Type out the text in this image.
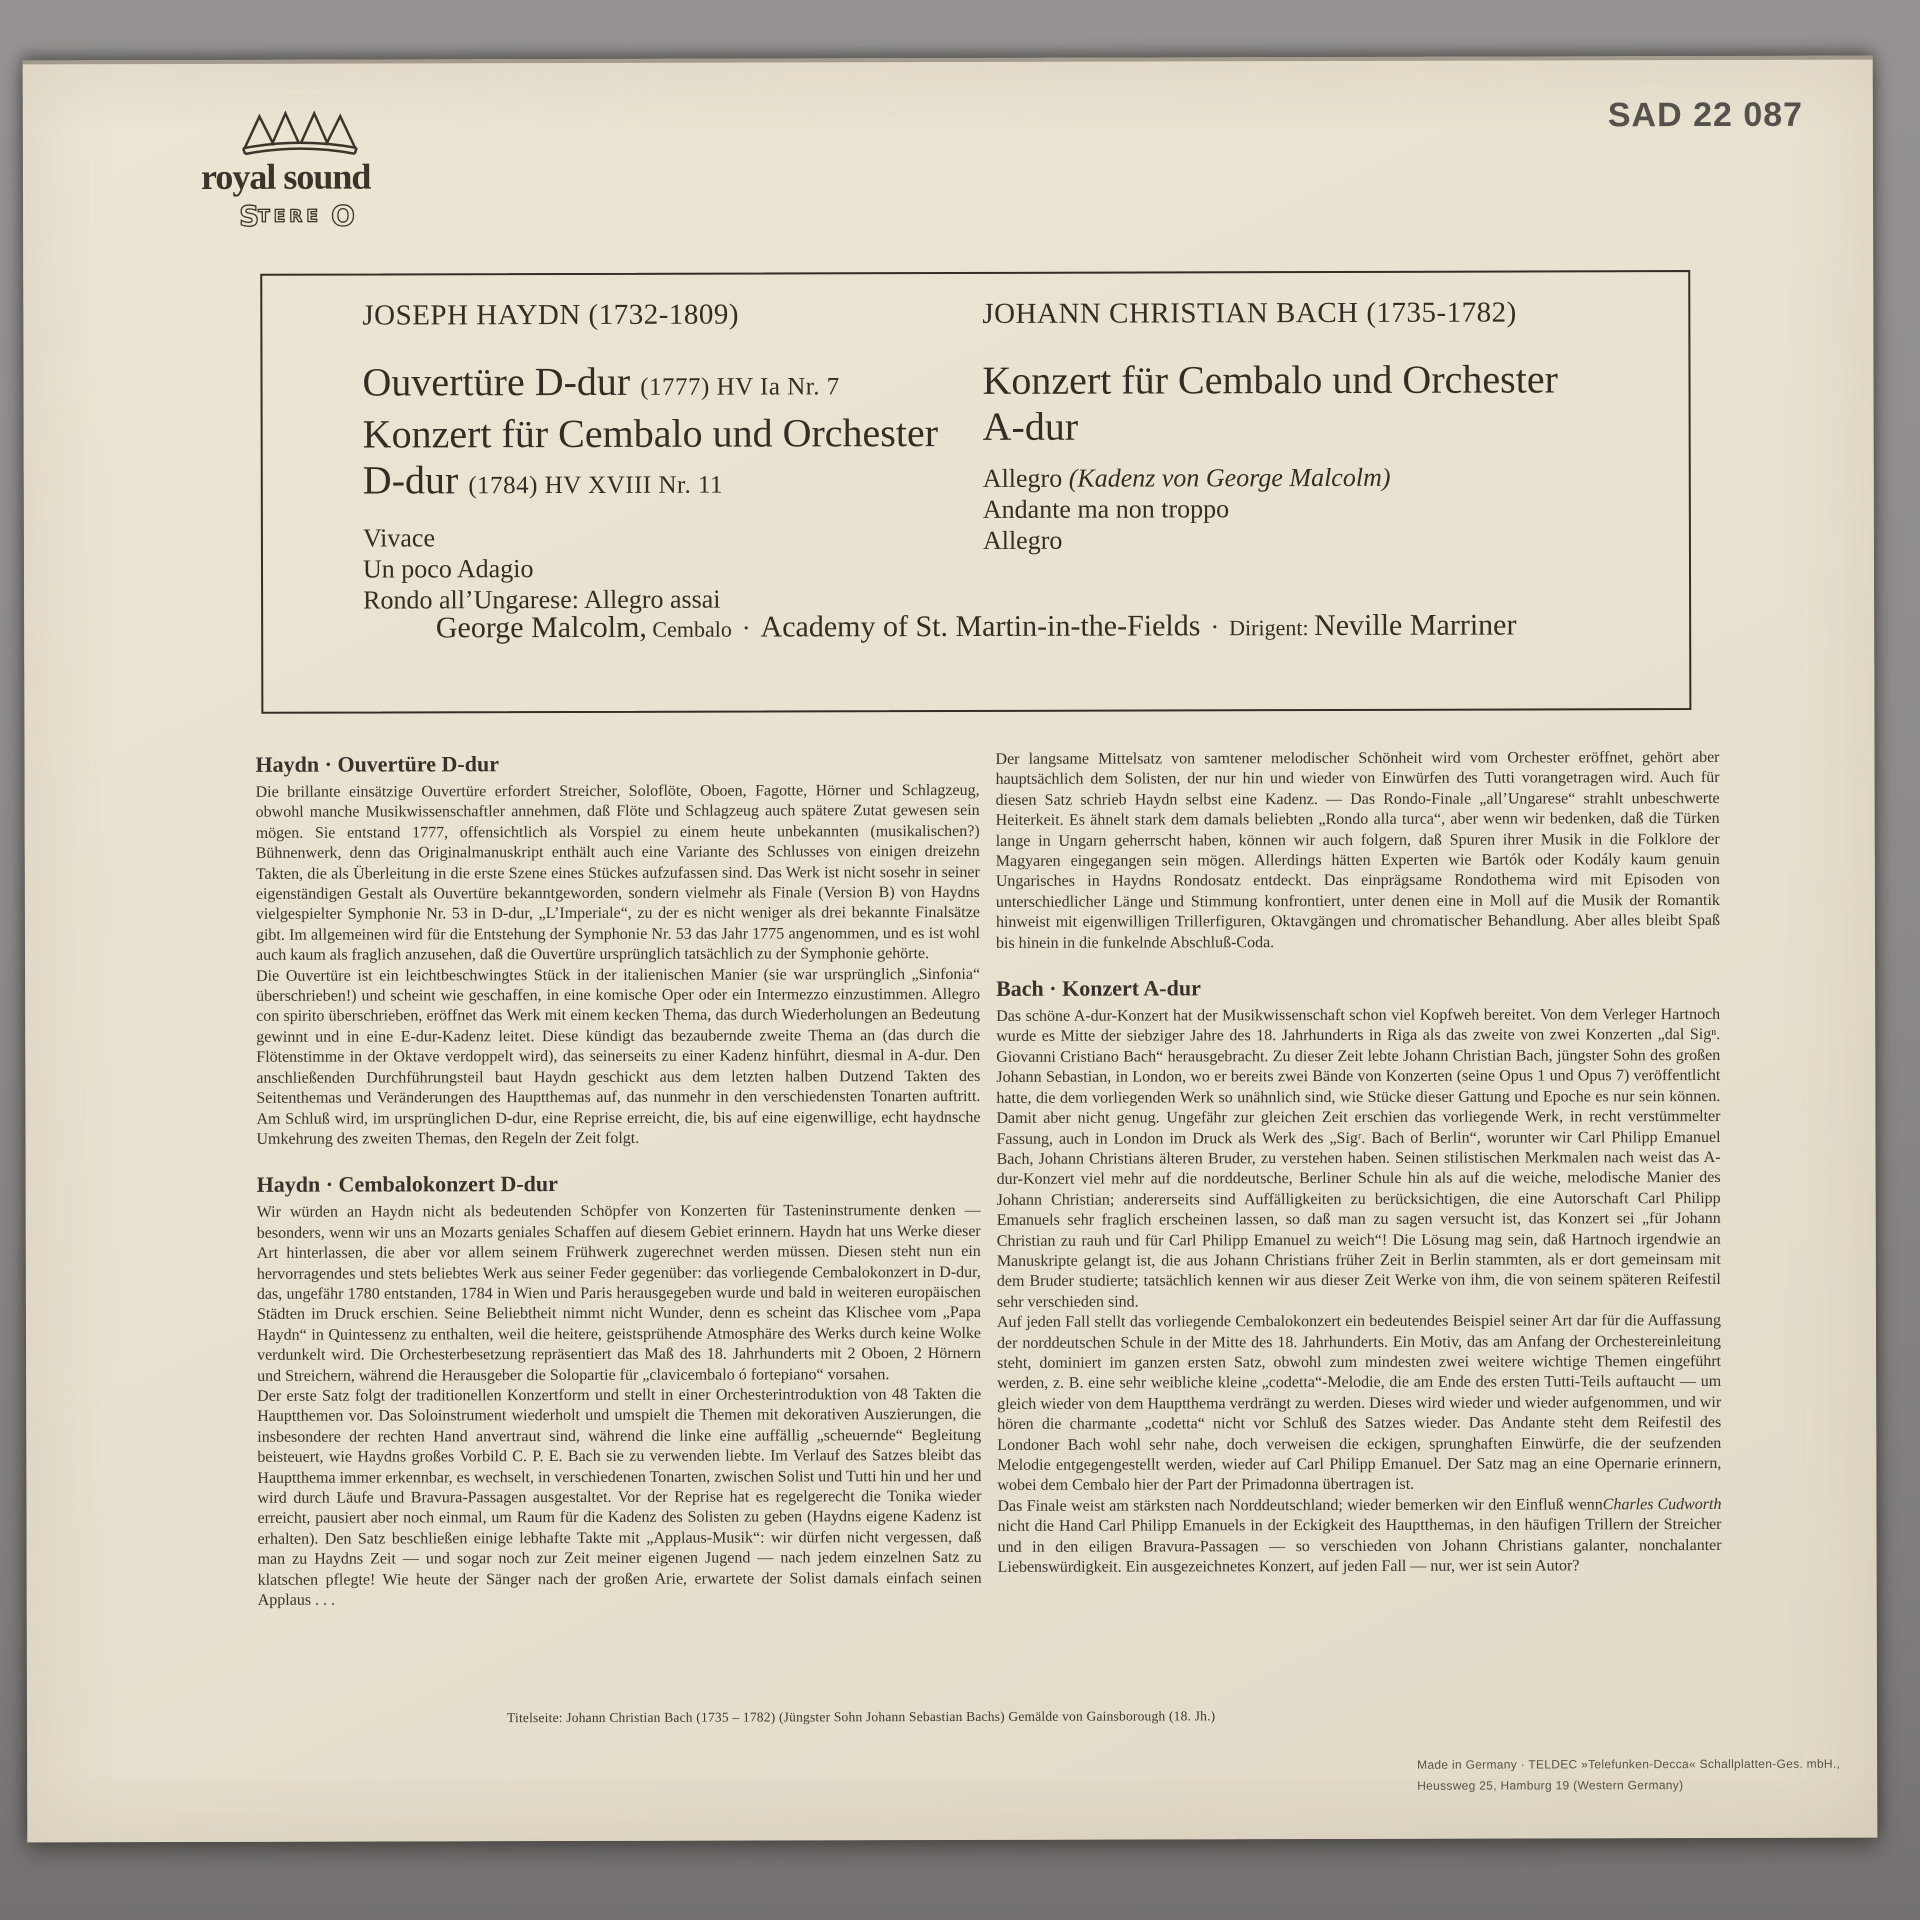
royal sound
S
TERE O
SAD 22 087

JOSEPH HAYDN (1732-1809)

Ouvertüre D-dur (1777) HV Ia Nr. 7

Konzert für Cembalo und Orchester

D-dur (1784) HV XVIII Nr. 11

Vivace
Un poco Adagio
Rondo all’Ungarese: Allegro assai

JOHANN CHRISTIAN BACH (1735-1782)

Konzert für Cembalo und Orchester

A-dur

Allegro (Kadenz von George Malcolm)
Andante ma non troppo
Allegro
George Malcolm, Cembalo · Academy of St. Martin-in-the-Fields · Dirigent: Neville Marriner
Haydn · Ouvertüre D-dur

Die brillante einsätzige Ouvertüre erfordert Streicher, Soloflöte, Oboen, Fagotte, Hörner und Schlagzeug, obwohl manche Musikwissenschaftler annehmen, daß Flöte und Schlagzeug auch spätere Zutat gewesen sein mögen. Sie entstand 1777, offensichtlich als Vorspiel zu einem heute unbekannten (musikalischen?) Bühnenwerk, denn das Originalmanuskript enthält auch eine Variante des Schlusses von einigen dreizehn Takten, die als Überleitung in die erste Szene eines Stückes aufzufassen sind. Das Werk ist nicht sosehr in seiner eigenständigen Gestalt als Ouvertüre bekanntgeworden, sondern vielmehr als Finale (Version B) von Haydns vielgespielter Symphonie Nr. 53 in D-dur, „L’Imperiale“, zu der es nicht weniger als drei bekannte Finalsätze gibt. Im allgemeinen wird für die Entstehung der Symphonie Nr. 53 das Jahr 1775 angenommen, und es ist wohl auch kaum als fraglich anzusehen, daß die Ouvertüre ursprünglich tatsächlich zu der Symphonie gehörte.

Die Ouvertüre ist ein leichtbeschwingtes Stück in der italienischen Manier (sie war ursprünglich „Sinfonia“ überschrieben!) und scheint wie geschaffen, in eine komische Oper oder ein Intermezzo einzustimmen. Allegro con spirito überschrieben, eröffnet das Werk mit einem kecken Thema, das durch Wiederholungen an Bedeutung gewinnt und in eine E-dur-Kadenz leitet. Diese kündigt das bezaubernde zweite Thema an (das durch die Flötenstimme in der Oktave verdoppelt wird), das seinerseits zu einer Kadenz hinführt, diesmal in A-dur. Den anschließenden Durchführungsteil baut Haydn geschickt aus dem letzten halben Dutzend Takten des Seitenthemas und Veränderungen des Hauptthemas auf, das nunmehr in den verschiedensten Tonarten auftritt. Am Schluß wird, im ursprünglichen D-dur, eine Reprise erreicht, die, bis auf eine eigenwillige, echt haydnsche Umkehrung des zweiten Themas, den Regeln der Zeit folgt.

Haydn · Cembalokonzert D-dur

Wir würden an Haydn nicht als bedeutenden Schöpfer von Konzerten für Tasteninstrumente denken — besonders, wenn wir uns an Mozarts geniales Schaffen auf diesem Gebiet erinnern. Haydn hat uns Werke dieser Art hinterlassen, die aber vor allem seinem Frühwerk zugerechnet werden müssen. Diesen steht nun ein hervorragendes und stets beliebtes Werk aus seiner Feder gegenüber: das vorliegende Cembalokonzert in D-dur, das, ungefähr 1780 entstanden, 1784 in Wien und Paris herausgegeben wurde und bald in weiteren europäischen Städten im Druck erschien. Seine Beliebtheit nimmt nicht Wunder, denn es scheint das Klischee vom „Papa Haydn“ in Quintessenz zu enthalten, weil die heitere, geistsprühende Atmosphäre des Werks durch keine Wolke verdunkelt wird. Die Orchesterbesetzung repräsentiert das Maß des 18. Jahrhunderts mit 2 Oboen, 2 Hörnern und Streichern, während die Herausgeber die Solopartie für „clavicembalo ó fortepiano“ vorsahen.

Der erste Satz folgt der traditionellen Konzertform und stellt in einer Orchesterintroduktion von 48 Takten die Hauptthemen vor. Das Soloinstrument wiederholt und umspielt die Themen mit dekorativen Auszierungen, die insbesondere der rechten Hand anvertraut sind, während die linke eine auffällig „scheuernde“ Begleitung beisteuert, wie Haydns großes Vorbild C. P. E. Bach sie zu verwenden liebte. Im Verlauf des Satzes bleibt das Hauptthema immer erkennbar, es wechselt, in verschiedenen Tonarten, zwischen Solist und Tutti hin und her und wird durch Läufe und Bravura-Passagen ausgestaltet. Vor der Reprise hat es regelgerecht die Tonika wieder erreicht, pausiert aber noch einmal, um Raum für die Kadenz des Solisten zu geben (Haydns eigene Kadenz ist erhalten). Den Satz beschließen einige lebhafte Takte mit „Applaus-Musik“: wir dürfen nicht vergessen, daß man zu Haydns Zeit — und sogar noch zur Zeit meiner eigenen Jugend — nach jedem einzelnen Satz zu klatschen pflegte! Wie heute der Sänger nach der großen Arie, erwartete der Solist damals einfach seinen Applaus . . .

Der langsame Mittelsatz von samtener melodischer Schönheit wird vom Orchester eröffnet, gehört aber hauptsächlich dem Solisten, der nur hin und wieder von Einwürfen des Tutti vorangetragen wird. Auch für diesen Satz schrieb Haydn selbst eine Kadenz. — Das Rondo-Finale „all’Ungarese“ strahlt unbeschwerte Heiterkeit. Es ähnelt stark dem damals beliebten „Rondo alla turca“, aber wenn wir bedenken, daß die Türken lange in Ungarn geherrscht haben, können wir auch folgern, daß Spuren ihrer Musik in die Folklore der Magyaren eingegangen sein mögen. Allerdings hätten Experten wie Bartók oder Kodály kaum genuin Ungarisches in Haydns Rondosatz entdeckt. Das einprägsame Rondothema wird mit Episoden von unterschiedlicher Länge und Stimmung konfrontiert, unter denen eine in Moll auf die Musik der Romantik hinweist mit eigenwilligen Trillerfiguren, Oktavgängen und chromatischer Behandlung. Aber alles bleibt Spaß bis hinein in die funkelnde Abschluß-Coda.

Bach · Konzert A-dur

Das schöne A-dur-Konzert hat der Musikwissenschaft schon viel Kopfweh bereitet. Von dem Verleger Hartnoch wurde es Mitte der siebziger Jahre des 18. Jahrhunderts in Riga als das zweite von zwei Konzerten „dal Sigⁿ. Giovanni Cristiano Bach“ herausgebracht. Zu dieser Zeit lebte Johann Christian Bach, jüngster Sohn des großen Johann Sebastian, in London, wo er bereits zwei Bände von Konzerten (seine Opus 1 und Opus 7) veröffentlicht hatte, die dem vorliegenden Werk so unähnlich sind, wie Stücke dieser Gattung und Epoche es nur sein können. Damit aber nicht genug. Ungefähr zur gleichen Zeit erschien das vorliegende Werk, in recht verstümmelter Fassung, auch in London im Druck als Werk des „Sigʳ. Bach of Berlin“, worunter wir Carl Philipp Emanuel Bach, Johann Christians älteren Bruder, zu verstehen haben. Seinen stilistischen Merkmalen nach weist das A-dur-Konzert viel mehr auf die norddeutsche, Berliner Schule hin als auf die weiche, melodische Manier des Johann Christian; andererseits sind Auffälligkeiten zu berücksichtigen, die eine Autorschaft Carl Philipp Emanuels sehr fraglich erscheinen lassen, so daß man zu sagen versucht ist, das Konzert sei „für Johann Christian zu rauh und für Carl Philipp Emanuel zu weich“! Die Lösung mag sein, daß Hartnoch irgendwie an Manuskripte gelangt ist, die aus Johann Christians früher Zeit in Berlin stammten, als er dort gemeinsam mit dem Bruder studierte; tatsächlich kennen wir aus dieser Zeit Werke von ihm, die von seinem späteren Reifestil sehr verschieden sind.

Auf jeden Fall stellt das vorliegende Cembalokonzert ein bedeutendes Beispiel seiner Art dar für die Auffassung der norddeutschen Schule in der Mitte des 18. Jahrhunderts. Ein Motiv, das am Anfang der Orchestereinleitung steht, dominiert im ganzen ersten Satz, obwohl zum mindesten zwei weitere wichtige Themen eingeführt werden, z. B. eine sehr weibliche kleine „codetta“-Melodie, die am Ende des ersten Tutti-Teils auftaucht — um gleich wieder von dem Hauptthema verdrängt zu werden. Dieses wird wieder und wieder aufgenommen, und wir hören die charmante „codetta“ nicht vor Schluß des Satzes wieder. Das Andante steht dem Reifestil des Londoner Bach wohl sehr nahe, doch verweisen die eckigen, sprunghaften Einwürfe, die der seufzenden Melodie entgegengestellt werden, wieder auf Carl Philipp Emanuel. Der Satz mag an eine Opernarie erinnern, wobei dem Cembalo hier der Part der Primadonna übertragen ist.

Charles Cudworth
Das Finale weist am stärksten nach Norddeutschland; wieder bemerken wir den Einfluß wenn nicht die Hand Carl Philipp Emanuels in der Eckigkeit des Hauptthemas, in den häufigen Trillern der Streicher und in den eiligen Bravura-Passagen — so verschieden von Johann Christians galanter, nonchalanter Liebenswürdigkeit. Ein ausgezeichnetes Konzert, auf jeden Fall — nur, wer ist sein Autor?

Titelseite: Johann Christian Bach (1735 – 1782) (Jüngster Sohn Johann Sebastian Bachs) Gemälde von Gainsborough (18. Jh.)
Made in Germany · TELDEC »Telefunken-Decca« Schallplatten-Ges. mbH.,
Heussweg 25, Hamburg 19 (Western Germany)
